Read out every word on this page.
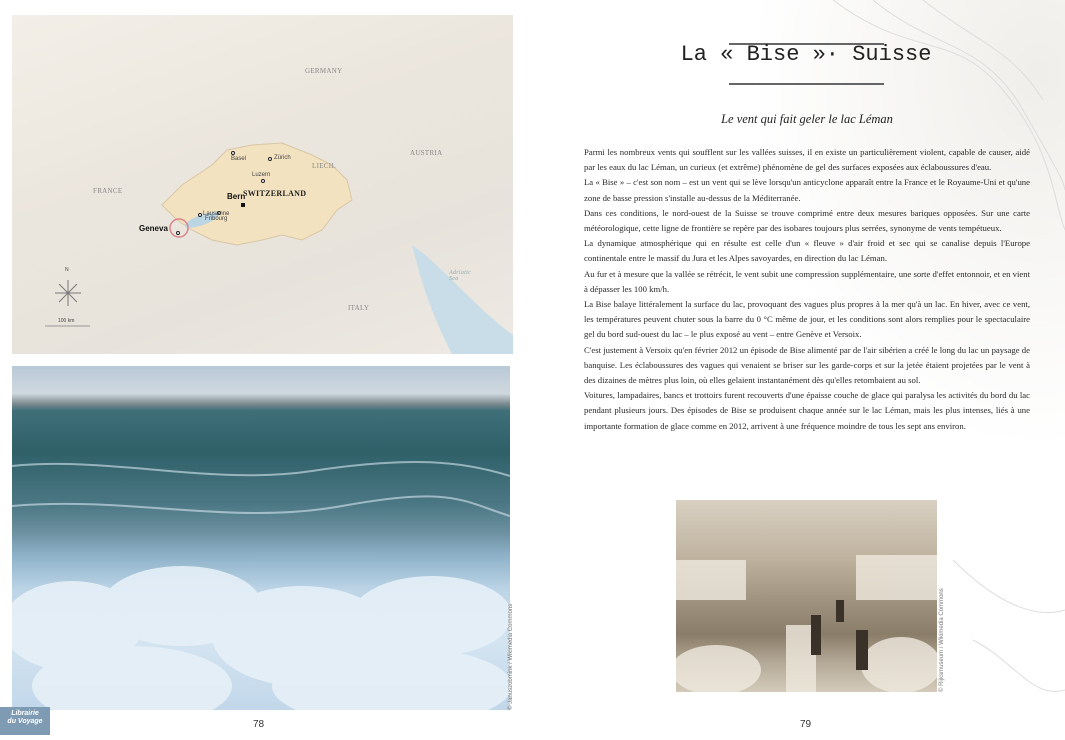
GERMANY
FRANCE
AUSTRIA
LIECH.
SWITZERLAND
ITALY
Adriatic Sea
Basel	Zürich
Bern
Luzern
Fribourg
Lausanne
Geneva
N
100 km
© Januszobmink / Wikimedia Commons
78
Librairie
du Voyage
La « Bise »· Suisse
Le vent qui fait geler le lac Léman

Parmi les nombreux vents qui soufflent sur les vallées suisses, il en existe un particulièrement violent, capable de causer, aidé par les eaux du lac Léman, un curieux (et extrême) phénomène de gel des surfaces exposées aux éclaboussures d'eau.

La « Bise » – c'est son nom – est un vent qui se lève lorsqu'un anticyclone apparaît entre la France et le Royaume-Uni et qu'une zone de basse pression s'installe au-dessus de la Méditerranée.

Dans ces conditions, le nord-ouest de la Suisse se trouve comprimé entre deux mesures bariques opposées. Sur une carte météorologique, cette ligne de frontière se repère par des isobares toujours plus serrées, synonyme de vents tempétueux.

La dynamique atmosphérique qui en résulte est celle d'un « fleuve » d'air froid et sec qui se canalise depuis l'Europe continentale entre le massif du Jura et les Alpes savoyardes, en direction du lac Léman.

Au fur et à mesure que la vallée se rétrécit, le vent subit une compression supplémentaire, une sorte d'effet entonnoir, et en vient à dépasser les 100 km/h.

La Bise balaye littéralement la surface du lac, provoquant des vagues plus propres à la mer qu'à un lac. En hiver, avec ce vent, les températures peuvent chuter sous la barre du 0 °C même de jour, et les conditions sont alors remplies pour le spectaculaire gel du bord sud-ouest du lac – le plus exposé au vent – entre Genève et Versoix.

C'est justement à Versoix qu'en février 2012 un épisode de Bise alimenté par de l'air sibérien a créé le long du lac un paysage de banquise. Les éclaboussures des vagues qui venaient se briser sur les garde-corps et sur la jetée étaient projetées par le vent à des dizaines de mètres plus loin, où elles gelaient instantanément dès qu'elles retombaient au sol.

Voitures, lampadaires, bancs et trottoirs furent recouverts d'une épaisse couche de glace qui paralysa les activités du bord du lac pendant plusieurs jours. Des épisodes de Bise se produisent chaque année sur le lac Léman, mais les plus intenses, liés à une importante formation de glace comme en 2012, arrivent à une fréquence moindre de tous les sept ans environ.

© Rijksmuseum / Wikimedia Commons
79
